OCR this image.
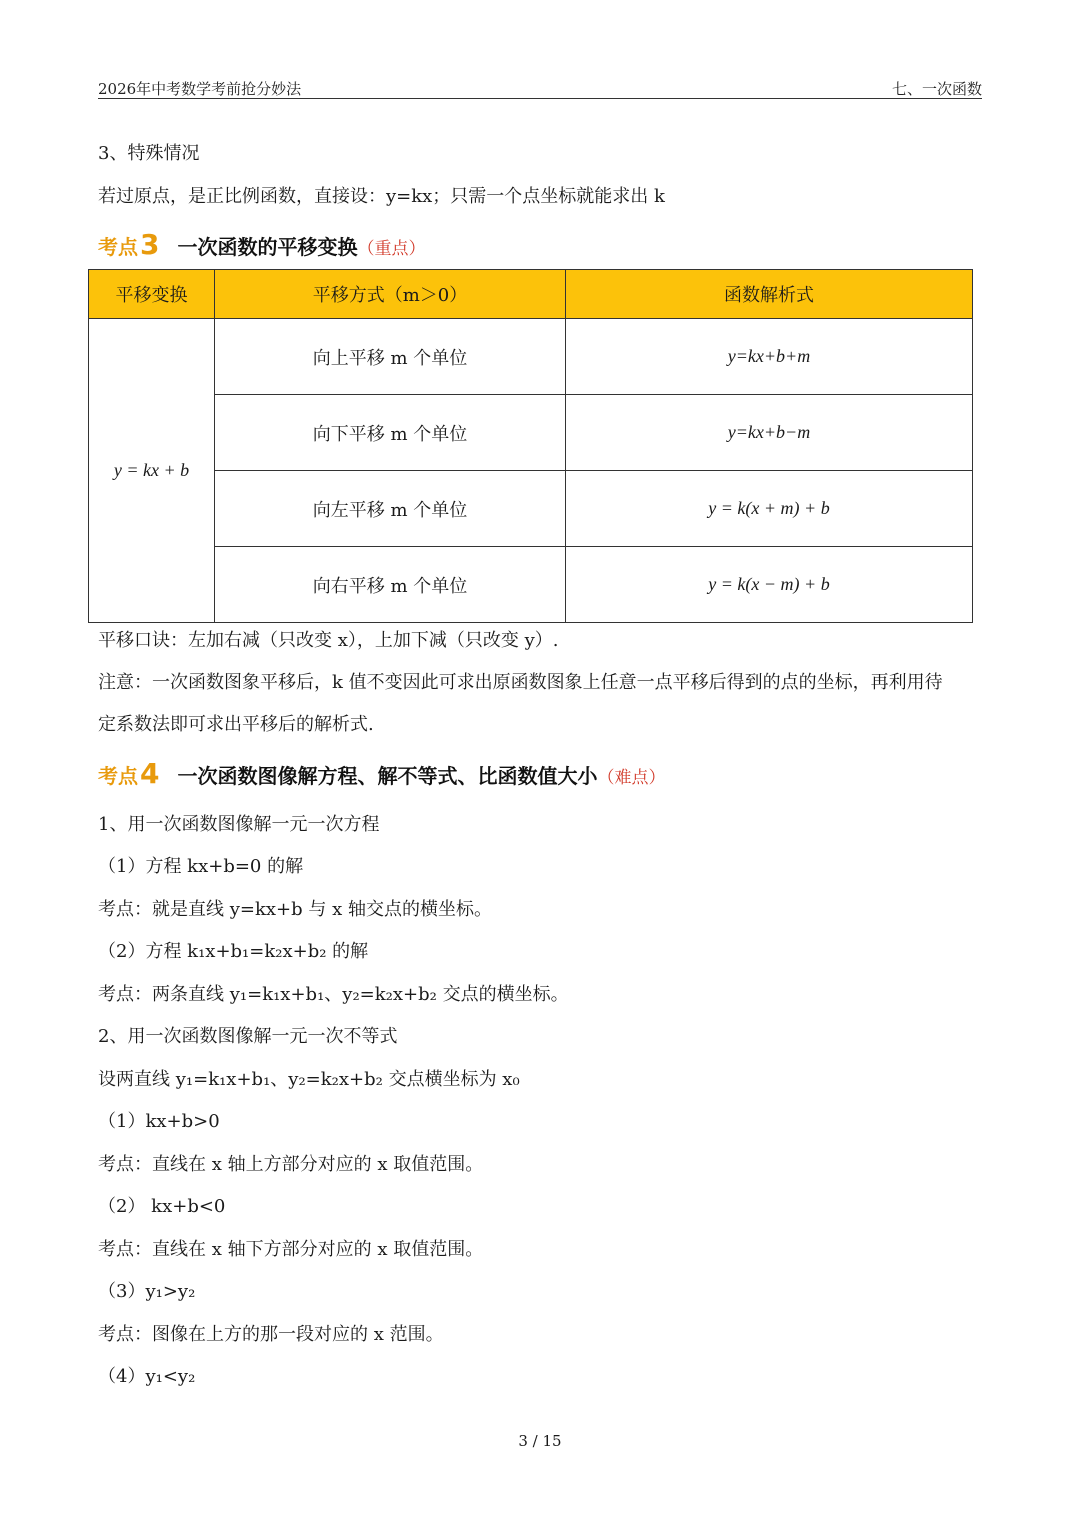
2026年中考数学考前抢分妙法	七、一次函数
3、特殊情况
若过原点，是正比例函数，直接设：y=kx；只需一个点坐标就能求出 k
考点3 一次函数的平移变换（重点）
平移变换	平移方式（m＞0）	函数解析式
y = kx + b	向上平移 m 个单位	y=kx+b+m
	向下平移 m 个单位	y=kx+b−m
	向左平移 m 个单位	y = k(x + m) + b
	向右平移 m 个单位	y = k(x − m) + b
平移口诀：左加右减（只改变 x），上加下减（只改变 y）.
注意：一次函数图象平移后，k 值不变因此可求出原函数图象上任意一点平移后得到的点的坐标，再利用待
定系数法即可求出平移后的解析式.
考点4 一次函数图像解方程、解不等式、比函数值大小（难点）
1、用一次函数图像解一元一次方程
（1）方程 kx+b=0 的解
考点：就是直线 y=kx+b 与 x 轴交点的横坐标。
（2）方程 k₁x+b₁=k₂x+b₂ 的解
考点：两条直线 y₁=k₁x+b₁、y₂=k₂x+b₂ 交点的横坐标。
2、用一次函数图像解一元一次不等式
设两直线 y₁=k₁x+b₁、y₂=k₂x+b₂ 交点横坐标为 x₀
（1）kx+b>0
考点：直线在 x 轴上方部分对应的 x 取值范围。
（2） kx+b<0
考点：直线在 x 轴下方部分对应的 x 取值范围。
（3）y₁>y₂
考点：图像在上方的那一段对应的 x 范围。
（4）y₁<y₂
3 / 15
